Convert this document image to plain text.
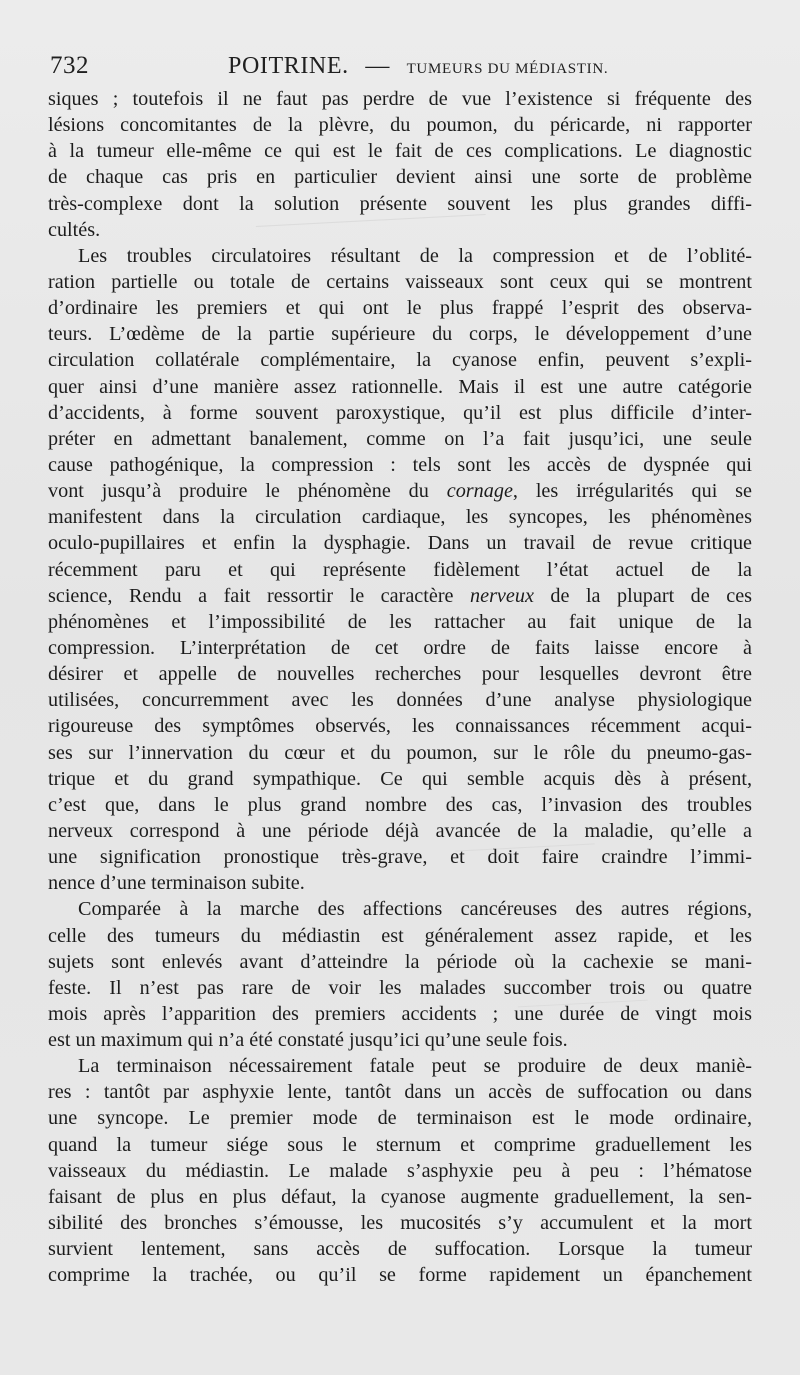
732	POITRINE. — TUMEURS DU MÉDIASTIN.
siques ; toutefois il ne faut pas perdre de vue l’existence si fréquente des
lésions concomitantes de la plèvre, du poumon, du péricarde, ni rapporter
à la tumeur elle-même ce qui est le fait de ces complications. Le diagnostic
de chaque cas pris en particulier devient ainsi une sorte de problème
très-complexe dont la solution présente souvent les plus grandes diffi-
cultés.
Les troubles circulatoires résultant de la compression et de l’oblité-
ration partielle ou totale de certains vaisseaux sont ceux qui se montrent
d’ordinaire les premiers et qui ont le plus frappé l’esprit des observa-
teurs. L’œdème de la partie supérieure du corps, le développement d’une
circulation collatérale complémentaire, la cyanose enfin, peuvent s’expli-
quer ainsi d’une manière assez rationnelle. Mais il est une autre catégorie
d’accidents, à forme souvent paroxystique, qu’il est plus difficile d’inter-
préter en admettant banalement, comme on l’a fait jusqu’ici, une seule
cause pathogénique, la compression : tels sont les accès de dyspnée qui
vont jusqu’à produire le phénomène du cornage, les irrégularités qui se
manifestent dans la circulation cardiaque, les syncopes, les phénomènes
oculo-pupillaires et enfin la dysphagie. Dans un travail de revue critique
récemment paru et qui représente fidèlement l’état actuel de la
science, Rendu a fait ressortir le caractère nerveux de la plupart de ces
phénomènes et l’impossibilité de les rattacher au fait unique de la
compression. L’interprétation de cet ordre de faits laisse encore à
désirer et appelle de nouvelles recherches pour lesquelles devront être
utilisées, concurremment avec les données d’une analyse physiologique
rigoureuse des symptômes observés, les connaissances récemment acqui-
ses sur l’innervation du cœur et du poumon, sur le rôle du pneumo-gas-
trique et du grand sympathique. Ce qui semble acquis dès à présent,
c’est que, dans le plus grand nombre des cas, l’invasion des troubles
nerveux correspond à une période déjà avancée de la maladie, qu’elle a
une signification pronostique très-grave, et doit faire craindre l’immi-
nence d’une terminaison subite.
Comparée à la marche des affections cancéreuses des autres régions,
celle des tumeurs du médiastin est généralement assez rapide, et les
sujets sont enlevés avant d’atteindre la période où la cachexie se mani-
feste. Il n’est pas rare de voir les malades succomber trois ou quatre
mois après l’apparition des premiers accidents ; une durée de vingt mois
est un maximum qui n’a été constaté jusqu’ici qu’une seule fois.
La terminaison nécessairement fatale peut se produire de deux maniè-
res : tantôt par asphyxie lente, tantôt dans un accès de suffocation ou dans
une syncope. Le premier mode de terminaison est le mode ordinaire,
quand la tumeur siége sous le sternum et comprime graduellement les
vaisseaux du médiastin. Le malade s’asphyxie peu à peu : l’hématose
faisant de plus en plus défaut, la cyanose augmente graduellement, la sen-
sibilité des bronches s’émousse, les mucosités s’y accumulent et la mort
survient lentement, sans accès de suffocation. Lorsque la tumeur
comprime la trachée, ou qu’il se forme rapidement un épanchement
